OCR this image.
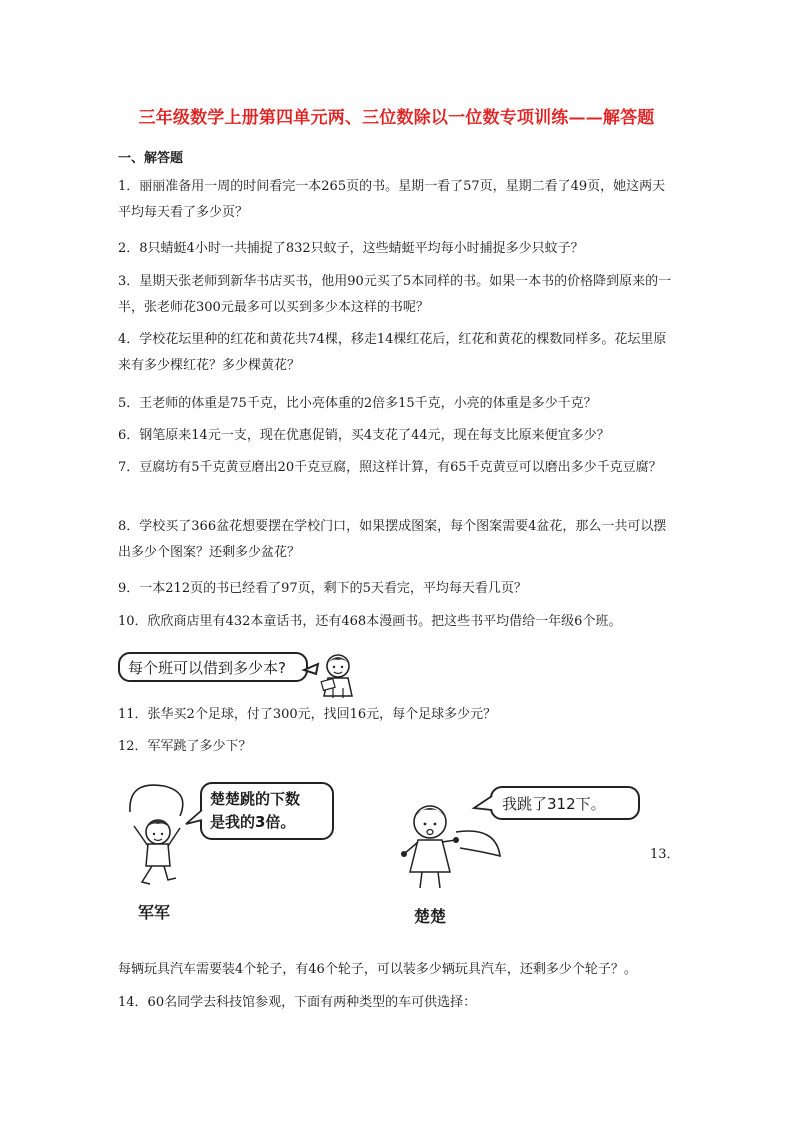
三年级数学上册第四单元两、三位数除以一位数专项训练——解答题
一、解答题
1．丽丽准备用一周的时间看完一本265页的书。星期一看了57页，星期二看了49页，她这两天平均每天看了多少页？
2．8只蜻蜓4小时一共捕捉了832只蚊子，这些蜻蜓平均每小时捕捉多少只蚊子？
3．星期天张老师到新华书店买书，他用90元买了5本同样的书。如果一本书的价格降到原来的一半，张老师花300元最多可以买到多少本这样的书呢？
4．学校花坛里种的红花和黄花共74棵，移走14棵红花后，红花和黄花的棵数同样多。花坛里原来有多少棵红花？多少棵黄花？
5．王老师的体重是75千克，比小亮体重的2倍多15千克，小亮的体重是多少千克？
6．钢笔原来14元一支，现在优惠促销，买4支花了44元，现在每支比原来便宜多少？
7．豆腐坊有5千克黄豆磨出20千克豆腐，照这样计算，有65千克黄豆可以磨出多少千克豆腐？
8．学校买了366盆花想要摆在学校门口，如果摆成图案，每个图案需要4盆花，那么一共可以摆出多少个图案？还剩多少盆花？
9．一本212页的书已经看了97页，剩下的5天看完，平均每天看几页？
10．欣欣商店里有432本童话书，还有468本漫画书。把这些书平均借给一年级6个班。
每个班可以借到多少本?
11．张华买2个足球，付了300元，找回16元，每个足球多少元？
12．军军跳了多少下？
楚楚跳的下数
是我的3倍。
军军
我跳了312下。
楚楚
13．
每辆玩具汽车需要装4个轮子，有46个轮子，可以装多少辆玩具汽车，还剩多少个轮子？。
14．60名同学去科技馆参观，下面有两种类型的车可供选择：
